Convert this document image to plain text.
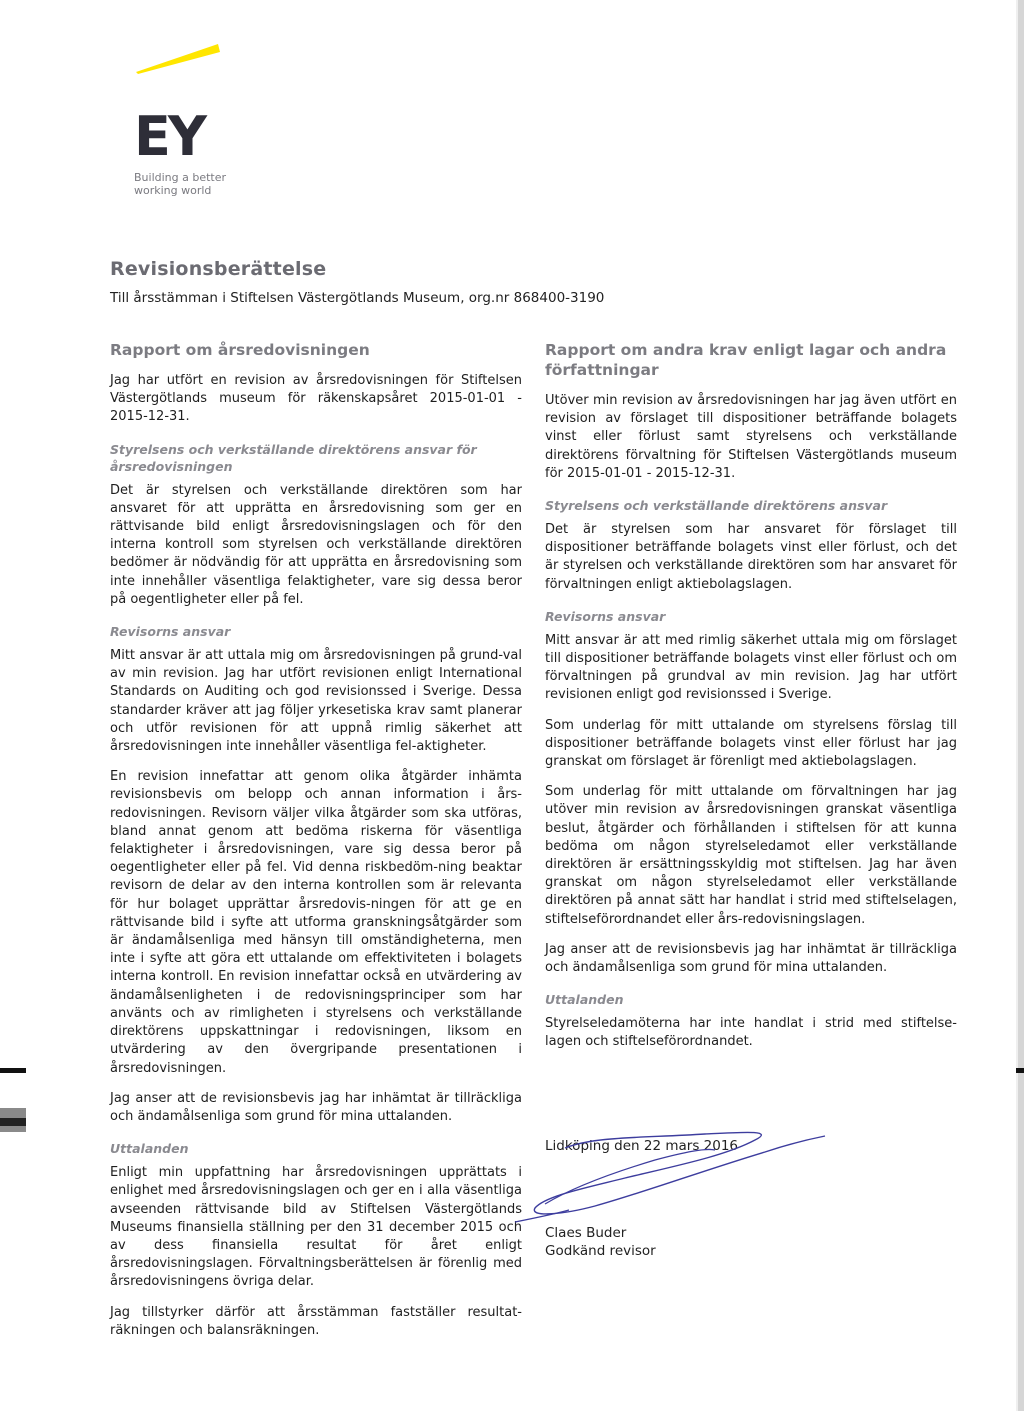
EY
Building a better
working world
Revisionsberättelse
Till årsstämman i Stiftelsen Västergötlands Museum, org.nr 868400-3190
Rapport om årsredovisningen

Jag har utfört en revision av årsredovisningen för Stiftelsen Västergötlands museum för räkenskapsåret 2015-01-01 - 2015-12-31.

Styrelsens och verkställande direktörens ansvar för årsredovisningen

Det är styrelsen och verkställande direktören som har ansvaret för att upprätta en årsredovisning som ger en rättvisande bild enligt årsredovisningslagen och för den interna kontroll som styrelsen och verkställande direktören bedömer är nödvändig för att upprätta en årsredovisning som inte innehåller väsentliga felaktigheter, vare sig dessa beror på oegentligheter eller på fel.

Revisorns ansvar

Mitt ansvar är att uttala mig om årsredovisningen på grund-val av min revision. Jag har utfört revisionen enligt International Standards on Auditing och god revisionssed i Sverige. Dessa standarder kräver att jag följer yrkesetiska krav samt planerar och utför revisionen för att uppnå rimlig säkerhet att årsredovisningen inte innehåller väsentliga fel-aktigheter.

En revision innefattar att genom olika åtgärder inhämta revisionsbevis om belopp och annan information i års-redovisningen. Revisorn väljer vilka åtgärder som ska utföras, bland annat genom att bedöma riskerna för väsentliga felaktigheter i årsredovisningen, vare sig dessa beror på oegentligheter eller på fel. Vid denna riskbedöm-ning beaktar revisorn de delar av den interna kontrollen som är relevanta för hur bolaget upprättar årsredovis-ningen för att ge en rättvisande bild i syfte att utforma granskningsåtgärder som är ändamålsenliga med hänsyn till omständigheterna, men inte i syfte att göra ett uttalande om effektiviteten i bolagets interna kontroll. En revision innefattar också en utvärdering av ändamålsenligheten i de redovisningsprinciper som har använts och av rimligheten i styrelsens och verkställande direktörens uppskattningar i redovisningen, liksom en utvärdering av den övergripande presentationen i årsredovisningen.

Jag anser att de revisionsbevis jag har inhämtat är tillräckliga och ändamålsenliga som grund för mina uttalanden.

Uttalanden

Enligt min uppfattning har årsredovisningen upprättats i enlighet med årsredovisningslagen och ger en i alla väsentliga avseenden rättvisande bild av Stiftelsen Västergötlands Museums finansiella ställning per den 31 december 2015 och av dess finansiella resultat för året enligt årsredovisningslagen. Förvaltningsberättelsen är förenlig med årsredovisningens övriga delar.

Jag tillstyrker därför att årsstämman fastställer resultat-räkningen och balansräkningen.

Rapport om andra krav enligt lagar och andra författningar

Utöver min revision av årsredovisningen har jag även utfört en revision av förslaget till dispositioner beträffande bolagets vinst eller förlust samt styrelsens och verkställande direktörens förvaltning för Stiftelsen Västergötlands museum för 2015-01-01 - 2015-12-31.

Styrelsens och verkställande direktörens ansvar

Det är styrelsen som har ansvaret för förslaget till dispositioner beträffande bolagets vinst eller förlust, och det är styrelsen och verkställande direktören som har ansvaret för förvaltningen enligt aktiebolagslagen.

Revisorns ansvar

Mitt ansvar är att med rimlig säkerhet uttala mig om förslaget till dispositioner beträffande bolagets vinst eller förlust och om förvaltningen på grundval av min revision. Jag har utfört revisionen enligt god revisionssed i Sverige.

Som underlag för mitt uttalande om styrelsens förslag till dispositioner beträffande bolagets vinst eller förlust har jag granskat om förslaget är förenligt med aktiebolagslagen.

Som underlag för mitt uttalande om förvaltningen har jag utöver min revision av årsredovisningen granskat väsentliga beslut, åtgärder och förhållanden i stiftelsen för att kunna bedöma om någon styrelseledamot eller verkställande direktören är ersättningsskyldig mot stiftelsen. Jag har även granskat om någon styrelseledamot eller verkställande direktören på annat sätt har handlat i strid med stiftelselagen, stiftelseförordnandet eller års-redovisningslagen.

Jag anser att de revisionsbevis jag har inhämtat är tillräckliga och ändamålsenliga som grund för mina uttalanden.

Uttalanden

Styrelseledamöterna har inte handlat i strid med stiftelse-lagen och stiftelseförordnandet.

Lidköping den 22 mars 2016
Claes Buder
Godkänd revisor
